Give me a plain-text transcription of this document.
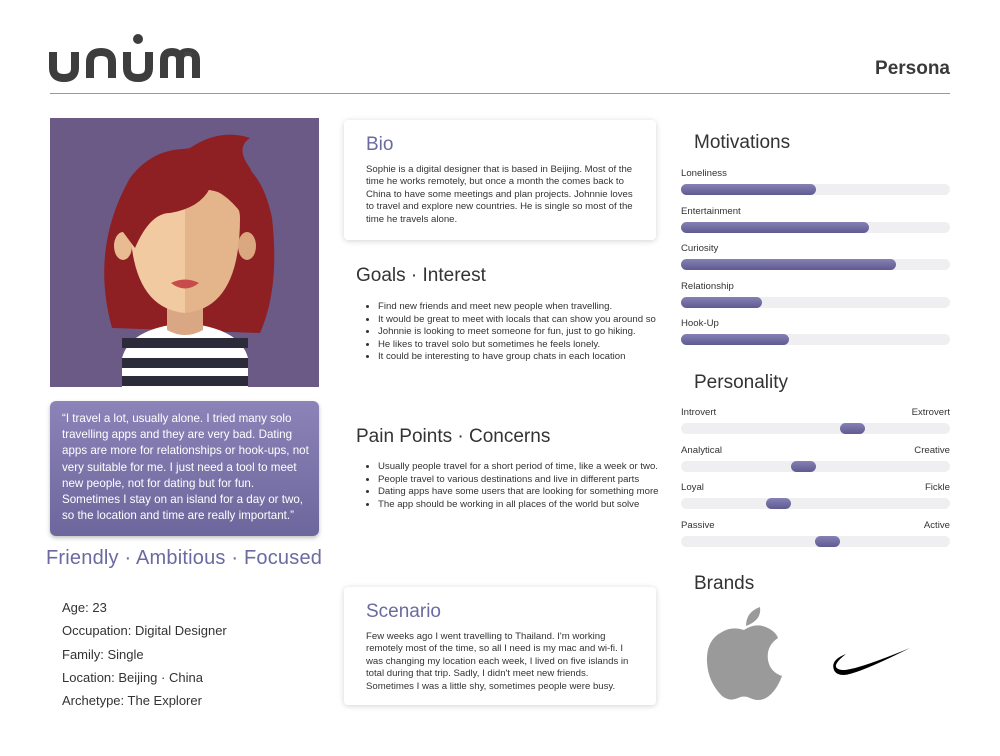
SM
Persona
“I travel a lot, usually alone. I tried many solo travelling apps and they are very bad. Dating apps are more for relationships or hook-ups, not very suitable for me. I just need a tool to meet new people, not for dating but for fun. Sometimes I stay on an island for a day or two, so the location and time are really important.”
Friendly · Ambitious · Focused
Age: 23
Occupation: Digital Designer
Family: Single
Location: Beijing · China
Archetype: The Explorer
Bio
Sophie is a digital designer that is based in Beijing. Most of the time he works remotely, but once a month the comes back to China to have some meetings and plan projects. Johnnie loves to travel and explore new countries. He is single so most of the time he travels alone.
Goals · Interest
• Find new friends and meet new people when travelling.
• It would be great to meet with locals that can show you around so
• Johnnie is looking to meet someone for fun, just to go hiking.
• He likes to travel solo but sometimes he feels lonely.
• It could be interesting to have group chats in each location
Pain Points · Concerns
• Usually people travel for a short period of time, like a week or two.
• People travel to various destinations and live in different parts
• Dating apps have some users that are looking for something more
• The app should be working in all places of the world but solve
Scenario
Few weeks ago I went travelling to Thailand. I'm working remotely most of the time, so all I need is my mac and wi-fi. I was changing my location each week, I lived on five islands in total during that trip. Sadly, I didn't meet new friends. Sometimes I was a little shy, sometimes people were busy.
Motivations
Loneliness
Entertainment
Curiosity
Relationship
Hook-Up
Personality
Introvert	Extrovert
Analytical	Creative
Loyal	Fickle
Passive	Active
Brands
